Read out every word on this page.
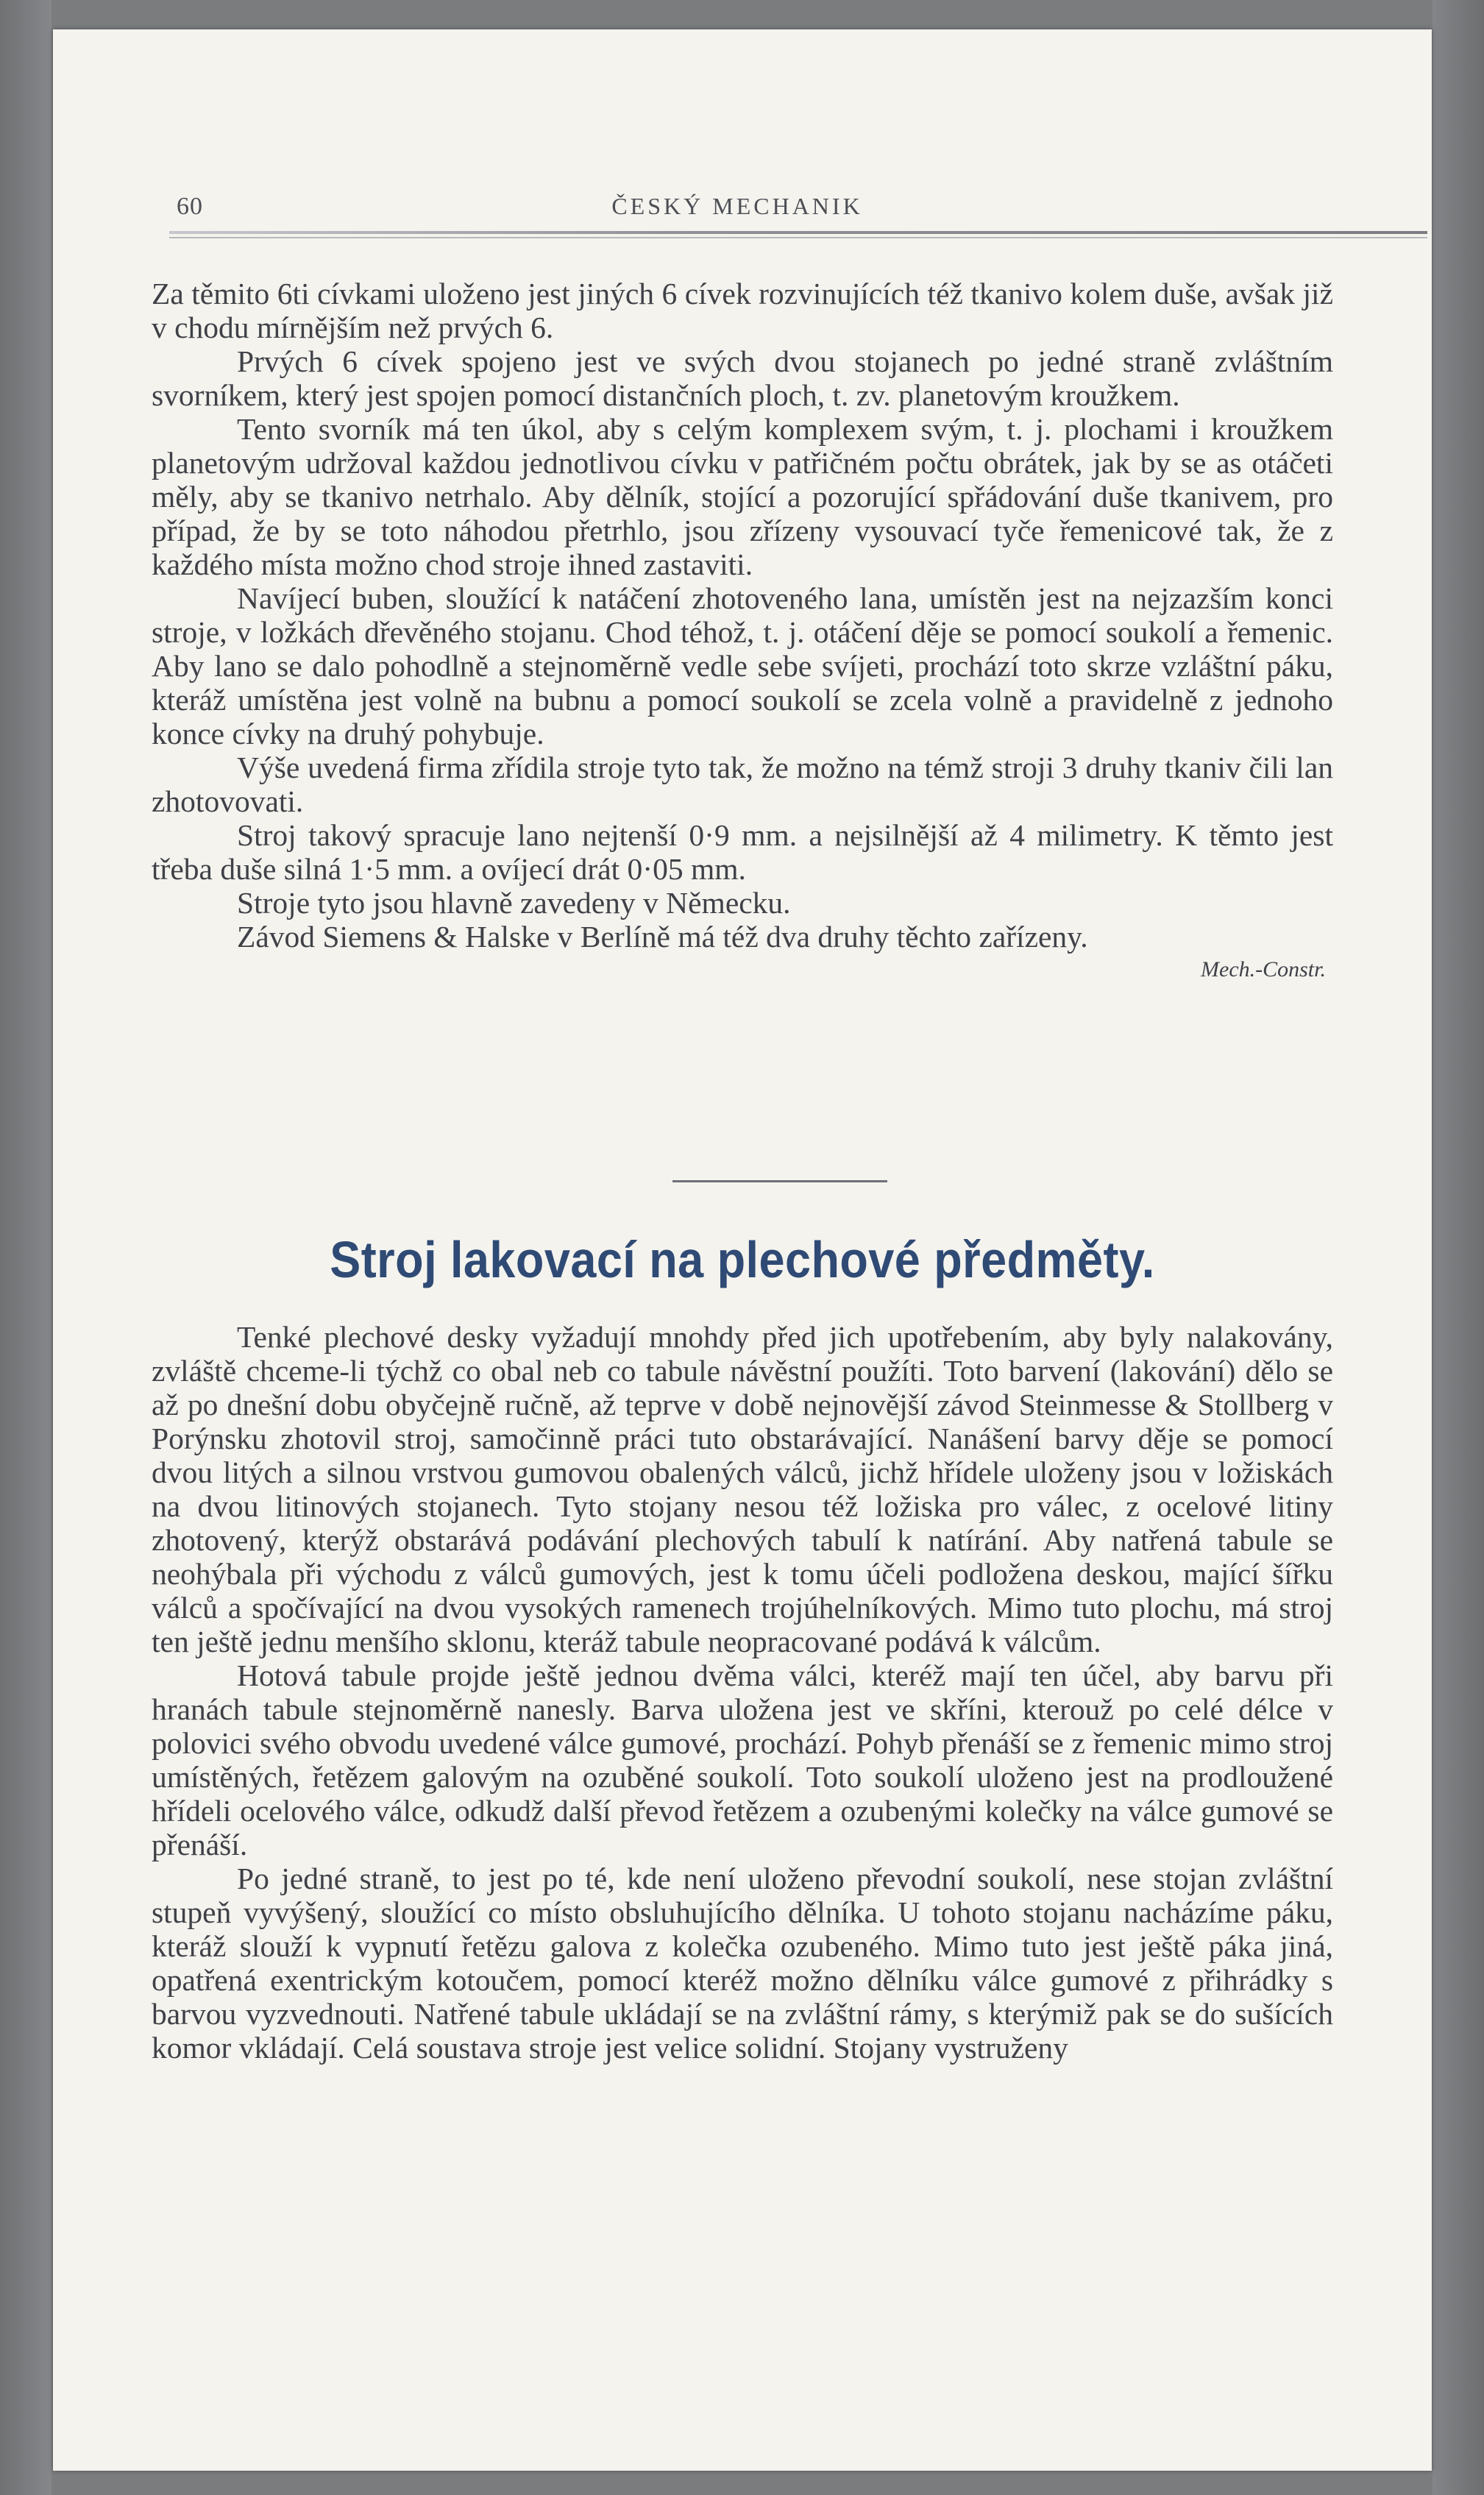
60	ČESKÝ MECHANIK

Za těmito 6ti cívkami uloženo jest jiných 6 cívek rozvinujících též tkanivo kolem duše, avšak již v chodu mírnějším než prvých 6.

Prvých 6 cívek spojeno jest ve svých dvou stojanech po jedné straně zvláštním svorníkem, který jest spojen pomocí distančních ploch, t. zv. planetovým kroužkem.

Tento svorník má ten úkol, aby s celým komplexem svým, t. j. plochami i kroužkem planetovým udržoval každou jednotlivou cívku v patřičném počtu obrátek, jak by se as otáčeti měly, aby se tkanivo netrhalo. Aby dělník, stojící a pozorující spřádování duše tkanivem, pro případ, že by se toto náhodou přetrhlo, jsou zřízeny vysouvací tyče řemenicové tak, že z každého místa možno chod stroje ihned zastaviti.

Navíjecí buben, sloužící k natáčení zhotoveného lana, umístěn jest na nejzazším konci stroje, v ložkách dřevěného stojanu. Chod téhož, t. j. otáčení děje se pomocí soukolí a řemenic. Aby lano se dalo pohodlně a stejnoměrně vedle sebe svíjeti, prochází toto skrze vzláštní páku, kteráž umístěna jest volně na bubnu a pomocí soukolí se zcela volně a pravidelně z jednoho konce cívky na druhý pohybuje.

Výše uvedená firma zřídila stroje tyto tak, že možno na témž stroji 3 druhy tkaniv čili lan zhotovovati.

Stroj takový spracuje lano nejtenší 0·9 mm. a nejsilnější až 4 milimetry. K těmto jest třeba duše silná 1·5 mm. a ovíjecí drát 0·05 mm.

Stroje tyto jsou hlavně zavedeny v Německu.

Závod Siemens & Halske v Berlíně má též dva druhy těchto zařízeny.

Mech.-Constr.
Stroj lakovací na plechové předměty.

Tenké plechové desky vyžadují mnohdy před jich upotřebením, aby byly nalakovány, zvláště chceme-li týchž co obal neb co tabule návěstní použíti. Toto barvení (lakování) dělo se až po dnešní dobu obyčejně ručně, až teprve v době nejnovější závod Steinmesse & Stollberg v Porýnsku zhotovil stroj, samočinně práci tuto obstarávající. Nanášení barvy děje se pomocí dvou litých a silnou vrstvou gumovou obalených válců, jichž hřídele uloženy jsou v ložiskách na dvou litinových stojanech. Tyto stojany nesou též ložiska pro válec, z ocelové litiny zhotovený, kterýž obstarává podávání plechových tabulí k natírání. Aby natřená tabule se neohýbala při východu z válců gumových, jest k tomu účeli podložena deskou, mající šířku válců a spočívající na dvou vysokých ramenech trojúhelníkových. Mimo tuto plochu, má stroj ten ještě jednu menšího sklonu, kteráž tabule neopracované podává k válcům.

Hotová tabule projde ještě jednou dvěma válci, kteréž mají ten účel, aby barvu při hranách tabule stejnoměrně nanesly. Barva uložena jest ve skříni, kterouž po celé délce v polovici svého obvodu uvedené válce gumové, prochází. Pohyb přenáší se z řemenic mimo stroj umístěných, řetězem galovým na ozuběné soukolí. Toto soukolí uloženo jest na prodloužené hřídeli ocelového válce, odkudž další převod řetězem a ozubenými kolečky na válce gumové se přenáší.

Po jedné straně, to jest po té, kde není uloženo převodní soukolí, nese stojan zvláštní stupeň vyvýšený, sloužící co místo obsluhujícího dělníka. U tohoto stojanu nacházíme páku, kteráž slouží k vypnutí řetězu galova z kolečka ozubeného. Mimo tuto jest ještě páka jiná, opatřená exentrickým kotoučem, pomocí kteréž možno dělníku válce gumové z přihrádky s barvou vyzvednouti. Natřené tabule ukládají se na zvláštní rámy, s kterýmiž pak se do sušících komor vkládají. Celá soustava stroje jest velice solidní. Stojany vystruženy
